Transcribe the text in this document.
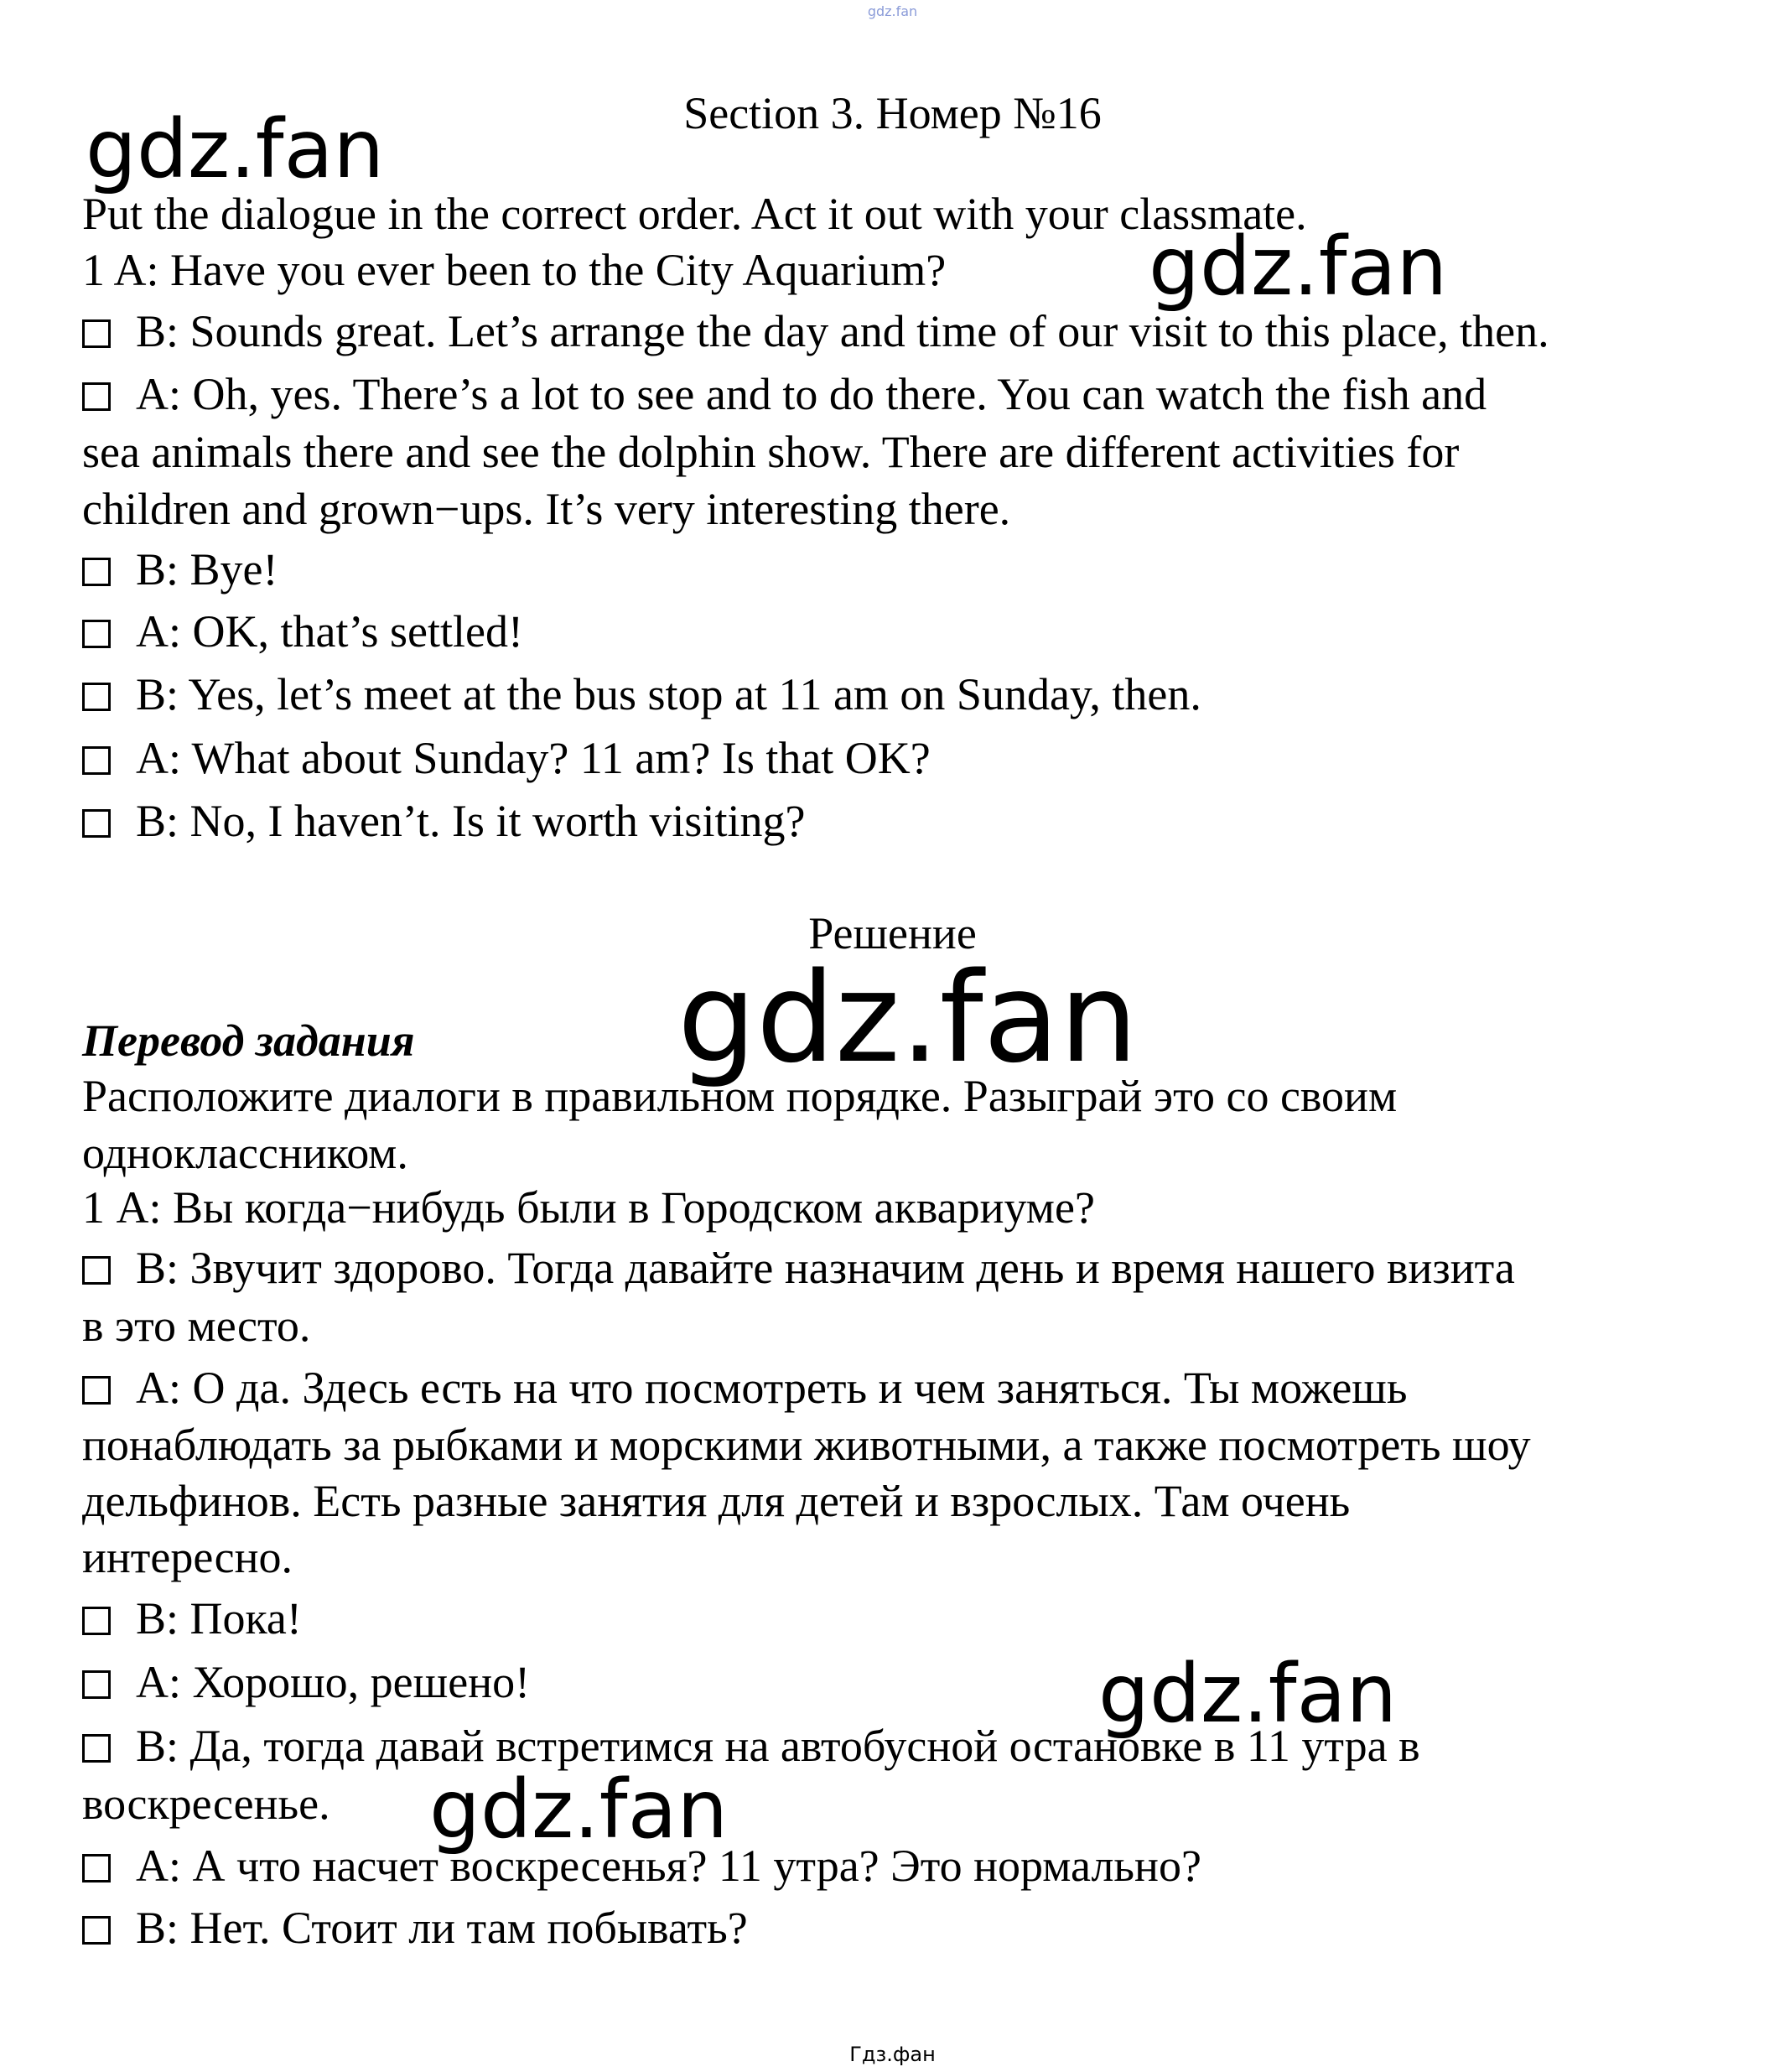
gdz.fan
Section 3. Номер №16
gdz.fan
gdz.fan
Put the dialogue in the correct order. Act it out with your classmate.
1 A: Have you ever been to the City Aquarium?
B: Sounds great. Let’s arrange the day and time of our visit to this place, then.
A: Oh, yes. There’s a lot to see and to do there. You can watch the fish and
sea animals there and see the dolphin show. There are different activities for
children and grown−ups. It’s very interesting there.
B: Bye!
A: OK, that’s settled!
B: Yes, let’s meet at the bus stop at 11 am on Sunday, then.
A: What about Sunday? 11 am? Is that OK?
B: No, I haven’t. Is it worth visiting?
Решение
gdz.fan
Перевод задания
Расположите диалоги в правильном порядке. Разыграй это со своим
одноклассником.
1 А: Вы когда−нибудь были в Городском аквариуме?
B: Звучит здорово. Тогда давайте назначим день и время нашего визита
в это место.
А: О да. Здесь есть на что посмотреть и чем заняться. Ты можешь
понаблюдать за рыбками и морскими животными, а также посмотреть шоу
дельфинов. Есть разные занятия для детей и взрослых. Там очень
интересно.
B: Пока!
А: Хорошо, решено!	gdz.fan
B: Да, тогда давай встретимся на автобусной остановке в 11 утра в
воскресенье. gdz.fan
А: А что насчет воскресенья? 11 утра? Это нормально?
B: Нет. Стоит ли там побывать?
Гдз.фан
